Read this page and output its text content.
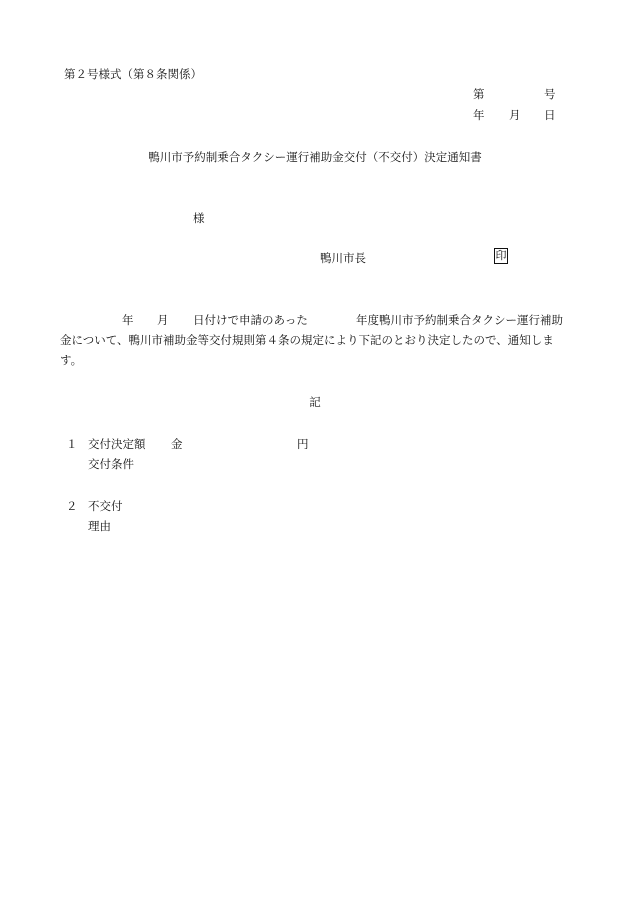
第２号様式（第８条関係）
第	号
年 月 日
鴨川市予約制乗合タクシー運行補助金交付（不交付）決定通知書
様
鴨川市長	印
年 月 日付けで申請のあった	年度鴨川市予約制乗合タクシー運行補助
金について、鴨川市補助金等交付規則第４条の規定により下記のとおり決定したので、通知しま
す。
記
１ 交付決定額 金	円
交付条件
２ 不交付
理由
